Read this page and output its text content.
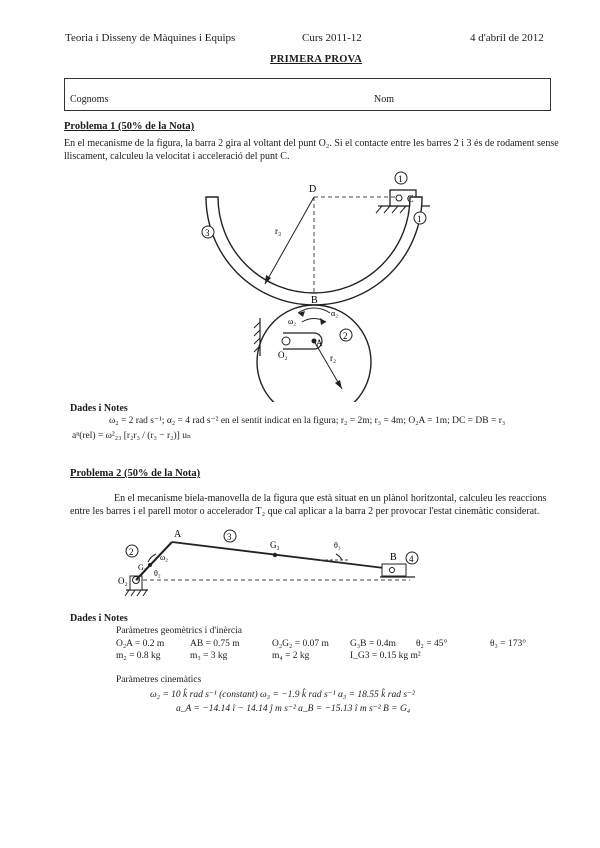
Teoria i Disseny de Màquines i Equips	Curs 2011-12	4 d'abril de 2012
PRIMERA PROVA
Cognoms	Nom
Problema 1 (50% de la Nota)
En el mecanisme de la figura, la barra 2 gira al voltant del punt O₂. Si el contacte entre les barres 2 i 3 és de rodament sense lliscament, calculeu la velocitat i acceleració del punt C.
D
C
B
A
O₂	r₂
r₃
ω₂
α₂
1
1
2
3
Dades i Notes
ω₂ = 2 rad s⁻¹; α₂ = 4 rad s⁻² en el sentit indicat en la figura; r₂ = 2m; r₃ = 4m; O₂A = 1m; DC = DB = r₃
aⁿ(rel) = ω²₂₃ [r₂r₃ / (r₃ − r₂)] uₙ
Problema 2 (50% de la Nota)
En el mecanisme biela-manovella de la figura que està situat en un plànol horitzontal, calculeu les reaccions entre les barres i el parell motor o accelerador T₂ que cal aplicar a la barra 2 per provocar l'estat cinemàtic considerat.
A
B
O₂
G₂
G₃
θ₂
θ₃
ω₂
2
3
4
Dades i Notes
Paràmetres geomètrics i d'inèrcia
O₂A = 0.2 m	AB = 0.75 m	O₂G₂ = 0.07 m G₃B = 0.4m θ₂ = 45°	θ₃ = 173°
m₂ = 0.8 kg	m₃ = 3 kg	m₄ = 2 kg	I_G3 = 0.15 kg m²
Paràmetres cinemàtics
ω₂ = 10 k̂ rad s⁻¹ (constant) ω₃ = −1.9 k̂ rad s⁻¹ α₃ = 18.55 k̂ rad s⁻²
a_A = −14.14 î − 14.14 ĵ m s⁻² a_B = −15.13 î m s⁻² B = G₄
